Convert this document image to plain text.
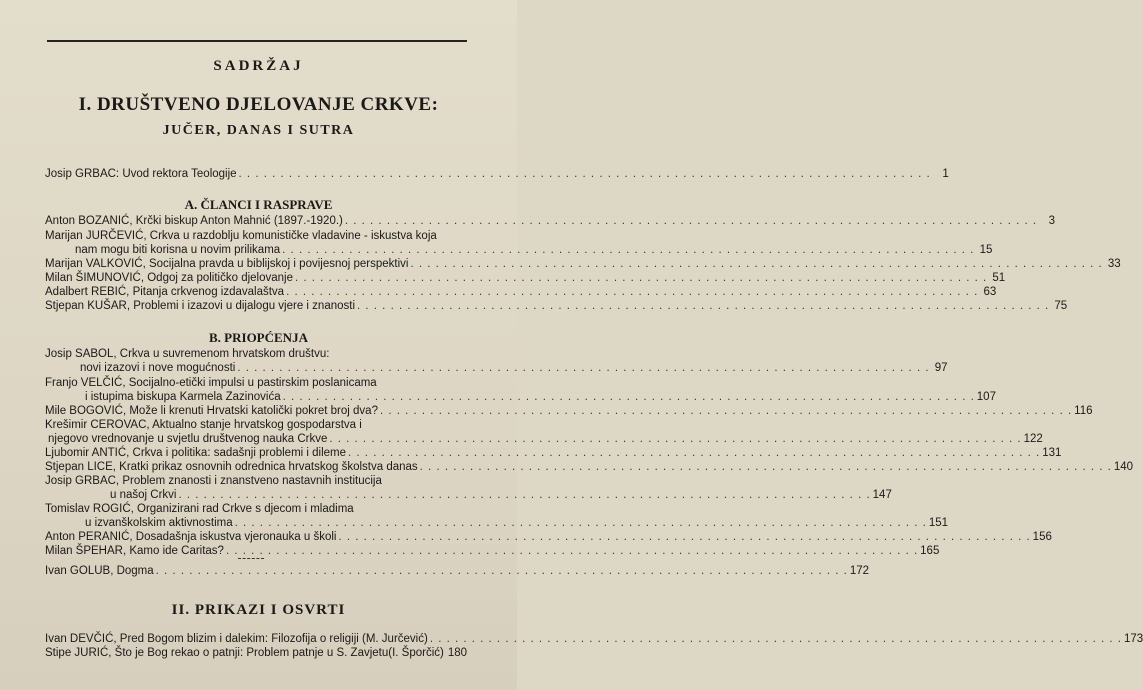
SADRŽAJ
I. DRUŠTVENO DJELOVANJE CRKVE:
JUČER, DANAS I SUTRA
Josip GRBAC: Uvod rektora Teologije . . .	1
A. ČLANCI I RASPRAVE
Anton BOZANIĆ, Krčki biskup Anton Mahnić (1897.-1920.) . . .	3
Marijan JURČEVIĆ, Crkva u razdoblju komunističke vladavine - iskustva koja
nam mogu biti korisna u novim prilikama . . .	15
Marijan VALKOVIĆ, Socijalna pravda u biblijskoj i povijesnoj perspektivi . . .	33
Milan ŠIMUNOVIĆ, Odgoj za političko djelovanje . . .	51
Adalbert REBIĆ, Pitanja crkvenog izdavalaštva . . .	63
Stjepan KUŠAR, Problemi i izazovi u dijalogu vjere i znanosti . . .	75
B. PRIOPĆENJA
Josip SABOL, Crkva u suvremenom hrvatskom društvu:
novi izazovi i nove mogućnosti . . .	97
Franjo VELČIĆ, Socijalno-etički impulsi u pastirskim poslanicama
i istupima biskupa Karmela Zazinovića . . .	107
Mile BOGOVIĆ, Može li krenuti Hrvatski katolički pokret broj dva? . . .	116
Krešimir CEROVAC, Aktualno stanje hrvatskog gospodarstva i
njegovo vrednovanje u svjetlu društvenog nauka Crkve . . .	122
Ljubomir ANTIĆ, Crkva i politika: sadašnji problemi i dileme . . .	131
Stjepan LICE, Kratki prikaz osnovnih odrednica hrvatskog školstva danas . . .	140
Josip GRBAC, Problem znanosti i znanstveno nastavnih institucija
u našoj Crkvi . . .	147
Tomislav ROGIĆ, Organizirani rad Crkve s djecom i mladima
u izvanškolskim aktivnostima . . .	151
Anton PERANIĆ, Dosadašnja iskustva vjeronauka u školi . . .	156
Milan ŠPEHAR, Kamo ide Caritas? . . .	165
Ivan GOLUB, Dogma . . .	172
II. PRIKAZI I OSVRTI
Ivan DEVČIĆ, Pred Bogom blizim i dalekim: Filozofija o religiji (M. Jurčević) . . .	173
Stipe JURIĆ, Što je Bog rekao o patnji: Problem patnje u S. Zavjetu(I. Šporčić) 180
